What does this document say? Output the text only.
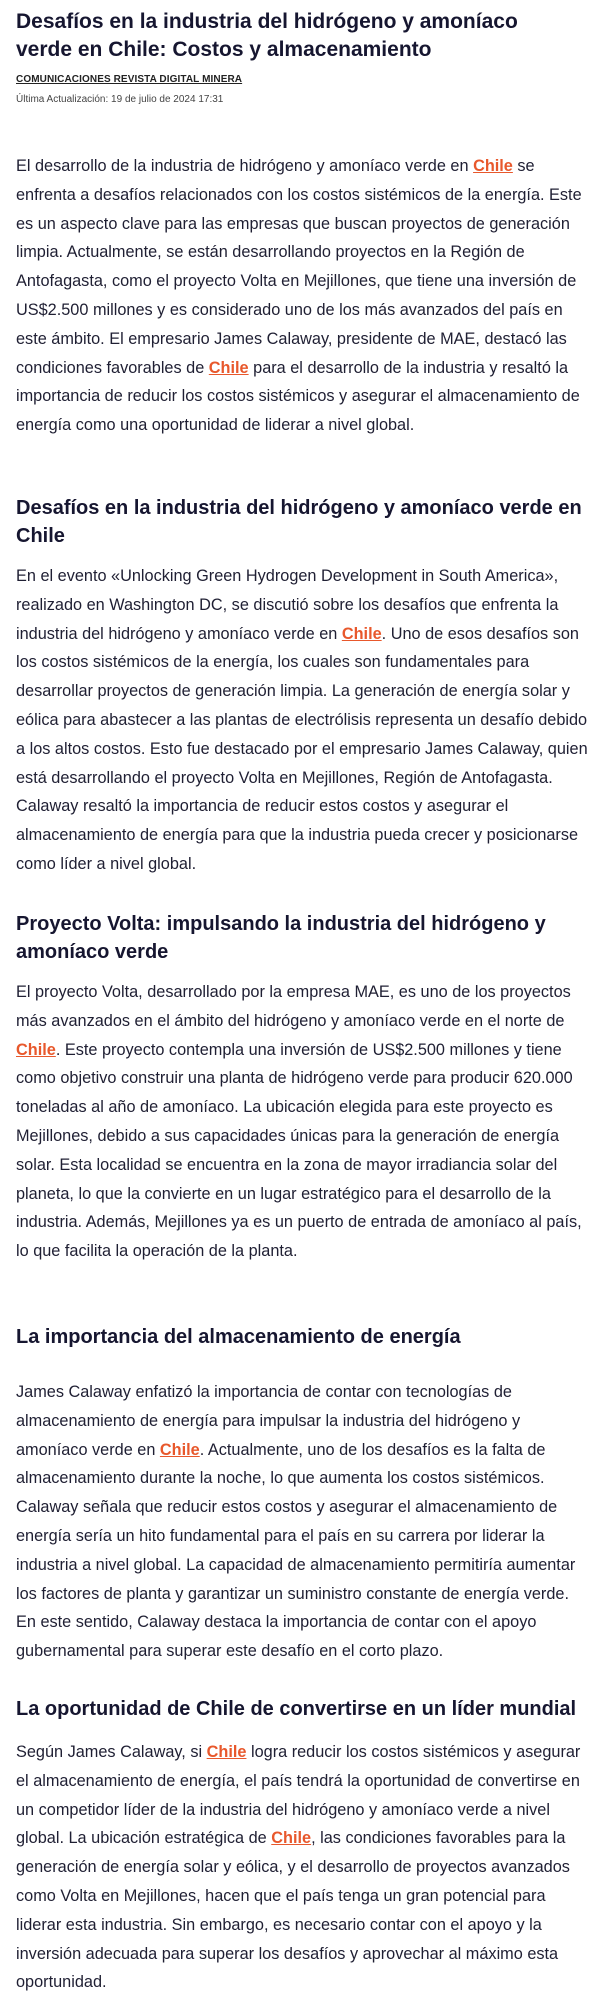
Desafíos en la industria del hidrógeno y amoníaco verde en Chile: Costos y almacenamiento
COMUNICACIONES REVISTA DIGITAL MINERA
Última Actualización: 19 de julio de 2024 17:31

El desarrollo de la industria de hidrógeno y amoníaco verde en Chile se enfrenta a desafíos relacionados con los costos sistémicos de la energía. Este es un aspecto clave para las empresas que buscan proyectos de generación limpia. Actualmente, se están desarrollando proyectos en la Región de Antofagasta, como el proyecto Volta en Mejillones, que tiene una inversión de US$2.500 millones y es considerado uno de los más avanzados del país en este ámbito. El empresario James Calaway, presidente de MAE, destacó las condiciones favorables de Chile para el desarrollo de la industria y resaltó la importancia de reducir los costos sistémicos y asegurar el almacenamiento de energía como una oportunidad de liderar a nivel global.

Desafíos en la industria del hidrógeno y amoníaco verde en Chile

En el evento «Unlocking Green Hydrogen Development in South America», realizado en Washington DC, se discutió sobre los desafíos que enfrenta la industria del hidrógeno y amoníaco verde en Chile. Uno de esos desafíos son los costos sistémicos de la energía, los cuales son fundamentales para desarrollar proyectos de generación limpia. La generación de energía solar y eólica para abastecer a las plantas de electrólisis representa un desafío debido a los altos costos. Esto fue destacado por el empresario James Calaway, quien está desarrollando el proyecto Volta en Mejillones, Región de Antofagasta. Calaway resaltó la importancia de reducir estos costos y asegurar el almacenamiento de energía para que la industria pueda crecer y posicionarse como líder a nivel global.

Proyecto Volta: impulsando la industria del hidrógeno y amoníaco verde

El proyecto Volta, desarrollado por la empresa MAE, es uno de los proyectos más avanzados en el ámbito del hidrógeno y amoníaco verde en el norte de Chile. Este proyecto contempla una inversión de US$2.500 millones y tiene como objetivo construir una planta de hidrógeno verde para producir 620.000 toneladas al año de amoníaco. La ubicación elegida para este proyecto es Mejillones, debido a sus capacidades únicas para la generación de energía solar. Esta localidad se encuentra en la zona de mayor irradiancia solar del planeta, lo que la convierte en un lugar estratégico para el desarrollo de la industria. Además, Mejillones ya es un puerto de entrada de amoníaco al país, lo que facilita la operación de la planta.

La importancia del almacenamiento de energía

James Calaway enfatizó la importancia de contar con tecnologías de almacenamiento de energía para impulsar la industria del hidrógeno y amoníaco verde en Chile. Actualmente, uno de los desafíos es la falta de almacenamiento durante la noche, lo que aumenta los costos sistémicos. Calaway señala que reducir estos costos y asegurar el almacenamiento de energía sería un hito fundamental para el país en su carrera por liderar la industria a nivel global. La capacidad de almacenamiento permitiría aumentar los factores de planta y garantizar un suministro constante de energía verde. En este sentido, Calaway destaca la importancia de contar con el apoyo gubernamental para superar este desafío en el corto plazo.

La oportunidad de Chile de convertirse en un líder mundial

Según James Calaway, si Chile logra reducir los costos sistémicos y asegurar el almacenamiento de energía, el país tendrá la oportunidad de convertirse en un competidor líder de la industria del hidrógeno y amoníaco verde a nivel global. La ubicación estratégica de Chile, las condiciones favorables para la generación de energía solar y eólica, y el desarrollo de proyectos avanzados como Volta en Mejillones, hacen que el país tenga un gran potencial para liderar esta industria. Sin embargo, es necesario contar con el apoyo y la inversión adecuada para superar los desafíos y aprovechar al máximo esta oportunidad.
